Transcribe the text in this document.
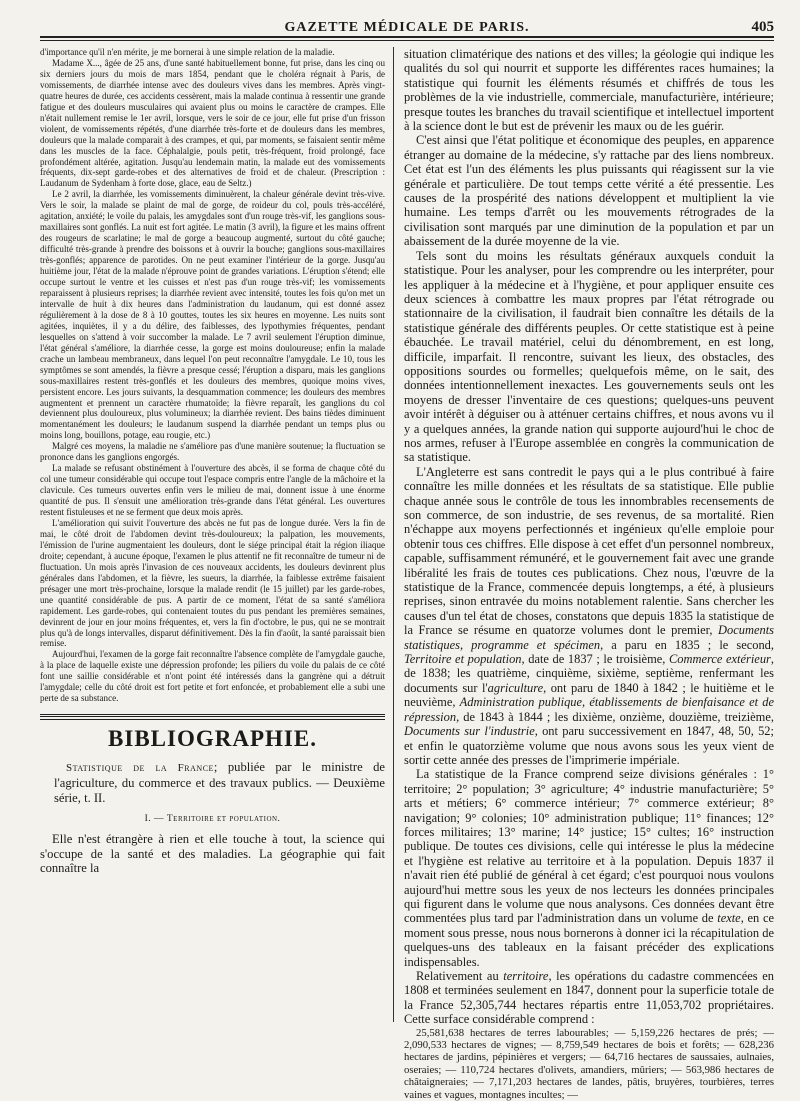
GAZETTE MÉDICALE DE PARIS.	405

d'importance qu'il n'en mérite, je me bornerai à une simple relation de la maladie.

Madame X..., âgée de 25 ans, d'une santé habituellement bonne, fut prise, dans les cinq ou six derniers jours du mois de mars 1854, pendant que le choléra régnait à Paris, de vomissements, de diarrhée intense avec des douleurs vives dans les membres. Après vingt-quatre heures de durée, ces accidents cessèrent, mais la malade continua à ressentir une grande fatigue et des douleurs musculaires qui avaient plus ou moins le caractère de crampes. Elle n'était nullement remise le 1er avril, lorsque, vers le soir de ce jour, elle fut prise d'un frisson violent, de vomissements répétés, d'une diarrhée très-forte et de douleurs dans les membres, douleurs que la malade comparait à des crampes, et qui, par moments, se faisaient sentir même dans les muscles de la face. Céphalalgie, pouls petit, très-fréquent, froid prolongé, face profondément altérée, agitation. Jusqu'au lendemain matin, la malade eut des vomissements fréquents, dix-sept garde-robes et des alternatives de froid et de chaleur. (Prescription : Laudanum de Sydenham à forte dose, glace, eau de Seltz.)

Le 2 avril, la diarrhée, les vomissements diminuèrent, la chaleur générale devint très-vive. Vers le soir, la malade se plaint de mal de gorge, de roideur du col, pouls très-accéléré, agitation, anxiété; le voile du palais, les amygdales sont d'un rouge très-vif, les ganglions sous-maxillaires sont gonflés. La nuit est fort agitée. Le matin (3 avril), la figure et les mains offrent des rougeurs de scarlatine; le mal de gorge a beaucoup augmenté, surtout du côté gauche; difficulté très-grande à prendre des boissons et à ouvrir la bouche; ganglions sous-maxillaires très-gonflés; apparence de parotides. On ne peut examiner l'intérieur de la gorge. Jusqu'au huitième jour, l'état de la malade n'éprouve point de grandes variations. L'éruption s'étend; elle occupe surtout le ventre et les cuisses et n'est pas d'un rouge très-vif; les vomissements reparaissent à plusieurs reprises; la diarrhée revient avec intensité, toutes les fois qu'on met un intervalle de huit à dix heures dans l'administration du laudanum, qui est donné assez régulièrement à la dose de 8 à 10 gouttes, toutes les six heures en moyenne. Les nuits sont agitées, inquiètes, il y a du délire, des faiblesses, des lypothymies fréquentes, pendant lesquelles on s'attend à voir succomber la malade. Le 7 avril seulement l'éruption diminue, l'état général s'améliore, la diarrhée cesse, la gorge est moins douloureuse; enfin la malade crache un lambeau membraneux, dans lequel l'on peut reconnaître l'amygdale. Le 10, tous les symptômes se sont amendés, la fièvre a presque cessé; l'éruption a disparu, mais les ganglions sous-maxillaires restent très-gonflés et les douleurs des membres, quoique moins vives, persistent encore. Les jours suivants, la desquammation commence; les douleurs des membres augmentent et prennent un caractère rhumatoïde; la fièvre reparaît, les ganglions du col deviennent plus douloureux, plus volumineux; la diarrhée revient. Des bains tièdes diminuent momentanément les douleurs; le laudanum suspend la diarrhée pendant un temps plus ou moins long, bouillons, potage, eau rougie, etc.)

Malgré ces moyens, la maladie ne s'améliore pas d'une manière soutenue; la fluctuation se prononce dans les ganglions engorgés.

La malade se refusant obstinément à l'ouverture des abcès, il se forma de chaque côté du col une tumeur considérable qui occupe tout l'espace compris entre l'angle de la mâchoire et la clavicule. Ces tumeurs ouvertes enfin vers le milieu de mai, donnent issue à une énorme quantité de pus. Il s'ensuit une amélioration très-grande dans l'état général. Les ouvertures restent fistuleuses et ne se ferment que deux mois après.

L'amélioration qui suivit l'ouverture des abcès ne fut pas de longue durée. Vers la fin de mai, le côté droit de l'abdomen devint très-douloureux; la palpation, les mouvements, l'émission de l'urine augmentaient les douleurs, dont le siége principal était la région iliaque droite; cependant, à aucune époque, l'examen le plus attentif ne fit reconnaître de tumeur ni de fluctuation. Un mois après l'invasion de ces nouveaux accidents, les douleurs devinrent plus générales dans l'abdomen, et la fièvre, les sueurs, la diarrhée, la faiblesse extrême faisaient présager une mort très-prochaine, lorsque la malade rendit (le 15 juillet) par les garde-robes, une quantité considérable de pus. A partir de ce moment, l'état de sa santé s'améliora rapidement. Les garde-robes, qui contenaient toutes du pus pendant les premières semaines, devinrent de jour en jour moins fréquentes, et, vers la fin d'octobre, le pus, qui ne se montrait plus qu'à de longs intervalles, disparut définitivement. Dès la fin d'août, la santé paraissait bien remise.

Aujourd'hui, l'examen de la gorge fait reconnaître l'absence complète de l'amygdale gauche, à la place de laquelle existe une dépression profonde; les piliers du voile du palais de ce côté font une saillie considérable et n'ont point été intéressés dans la gangrène qui a détruit l'amygdale; celle du côté droit est fort petite et fort enfoncée, et probablement elle a subi une perte de sa substance.

BIBLIOGRAPHIE.

Statistique de la France; publiée par le ministre de l'agriculture, du commerce et des travaux publics. — Deuxième série, t. II.

I. — Territoire et population.

Elle n'est étrangère à rien et elle touche à tout, la science qui s'occupe de la santé et des maladies. La géographie qui fait connaître la

situation climatérique des nations et des villes; la géologie qui indique les qualités du sol qui nourrit et supporte les différentes races humaines; la statistique qui fournit les éléments résumés et chiffrés de tous les problèmes de la vie industrielle, commerciale, manufacturière, intérieure; presque toutes les branches du travail scientifique et intellectuel importent à la science dont le but est de prévenir les maux ou de les guérir.

C'est ainsi que l'état politique et économique des peuples, en apparence étranger au domaine de la médecine, s'y rattache par des liens nombreux. Cet état est l'un des éléments les plus puissants qui réagissent sur la vie générale et particulière. De tout temps cette vérité a été pressentie. Les causes de la prospérité des nations développent et multiplient la vie humaine. Les temps d'arrêt ou les mouvements rétrogrades de la civilisation sont marqués par une diminution de la population et par un abaissement de la durée moyenne de la vie.

Tels sont du moins les résultats généraux auxquels conduit la statistique. Pour les analyser, pour les comprendre ou les interpréter, pour les appliquer à la médecine et à l'hygiène, et pour appliquer ensuite ces deux sciences à combattre les maux propres par l'état rétrograde ou stationnaire de la civilisation, il faudrait bien connaître les détails de la statistique générale des différents peuples. Or cette statistique est à peine ébauchée. Le travail matériel, celui du dénombrement, en est long, difficile, imparfait. Il rencontre, suivant les lieux, des obstacles, des oppositions sourdes ou formelles; quelquefois même, on le sait, des données intentionnellement inexactes. Les gouvernements seuls ont les moyens de dresser l'inventaire de ces questions; quelques-uns peuvent avoir intérêt à déguiser ou à atténuer certains chiffres, et nous avons vu il y a quelques années, la grande nation qui supporte aujourd'hui le choc de nos armes, refuser à l'Europe assemblée en congrès la communication de sa statistique.

L'Angleterre est sans contredit le pays qui a le plus contribué à faire connaître les mille données et les résultats de sa statistique. Elle publie chaque année sous le contrôle de tous les innombrables recensements de son commerce, de son industrie, de ses revenus, de sa mortalité. Rien n'échappe aux moyens perfectionnés et ingénieux qu'elle emploie pour obtenir tous ces chiffres. Elle dispose à cet effet d'un personnel nombreux, capable, suffisamment rémunéré, et le gouvernement fait avec une grande libéralité les frais de toutes ces publications. Chez nous, l'œuvre de la statistique de la France, commencée depuis longtemps, a été, à plusieurs reprises, sinon entravée du moins notablement ralentie. Sans chercher les causes d'un tel état de choses, constatons que depuis 1835 la statistique de la France se résume en quatorze volumes dont le premier, Documents statistiques, programme et spécimen, a paru en 1835 ; le second, Territoire et population, date de 1837 ; le troisième, Commerce extérieur, de 1838; les quatrième, cinquième, sixième, septième, renfermant les documents sur l'agriculture, ont paru de 1840 à 1842 ; le huitième et le neuvième, Administration publique, établissements de bienfaisance et de répression, de 1843 à 1844 ; les dixième, onzième, douzième, treizième, Documents sur l'industrie, ont paru successivement en 1847, 48, 50, 52; et enfin le quatorzième volume que nous avons sous les yeux vient de sortir cette année des presses de l'imprimerie impériale.

La statistique de la France comprend seize divisions générales : 1° territoire; 2° population; 3° agriculture; 4° industrie manufacturière; 5° arts et métiers; 6° commerce intérieur; 7° commerce extérieur; 8° navigation; 9° colonies; 10° administration publique; 11° finances; 12° forces militaires; 13° marine; 14° justice; 15° cultes; 16° instruction publique. De toutes ces divisions, celle qui intéresse le plus la médecine et l'hygiène est relative au territoire et à la population. Depuis 1837 il n'avait rien été publié de général à cet égard; c'est pourquoi nous voulons aujourd'hui mettre sous les yeux de nos lecteurs les données principales qui figurent dans le volume que nous analysons. Ces données devant être commentées plus tard par l'administration dans un volume de texte, en ce moment sous presse, nous nous bornerons à donner ici la récapitulation de quelques-uns des tableaux en la faisant précéder des explications indispensables.

Relativement au territoire, les opérations du cadastre commencées en 1808 et terminées seulement en 1847, donnent pour la superficie totale de la France 52,305,744 hectares répartis entre 11,053,702 propriétaires. Cette surface considérable comprend :

25,581,638 hectares de terres labourables; — 5,159,226 hectares de prés; — 2,090,533 hectares de vignes; — 8,759,549 hectares de bois et forêts; — 628,236 hectares de jardins, pépinières et vergers; — 64,716 hectares de saussaies, aulnaies, oseraies; — 110,724 hectares d'olivets, amandiers, mûriers; — 563,986 hectares de châtaigneraies; — 7,171,203 hectares de landes, pâtis, bruyères, tourbières, terres vaines et vagues, montagnes incultes; —
